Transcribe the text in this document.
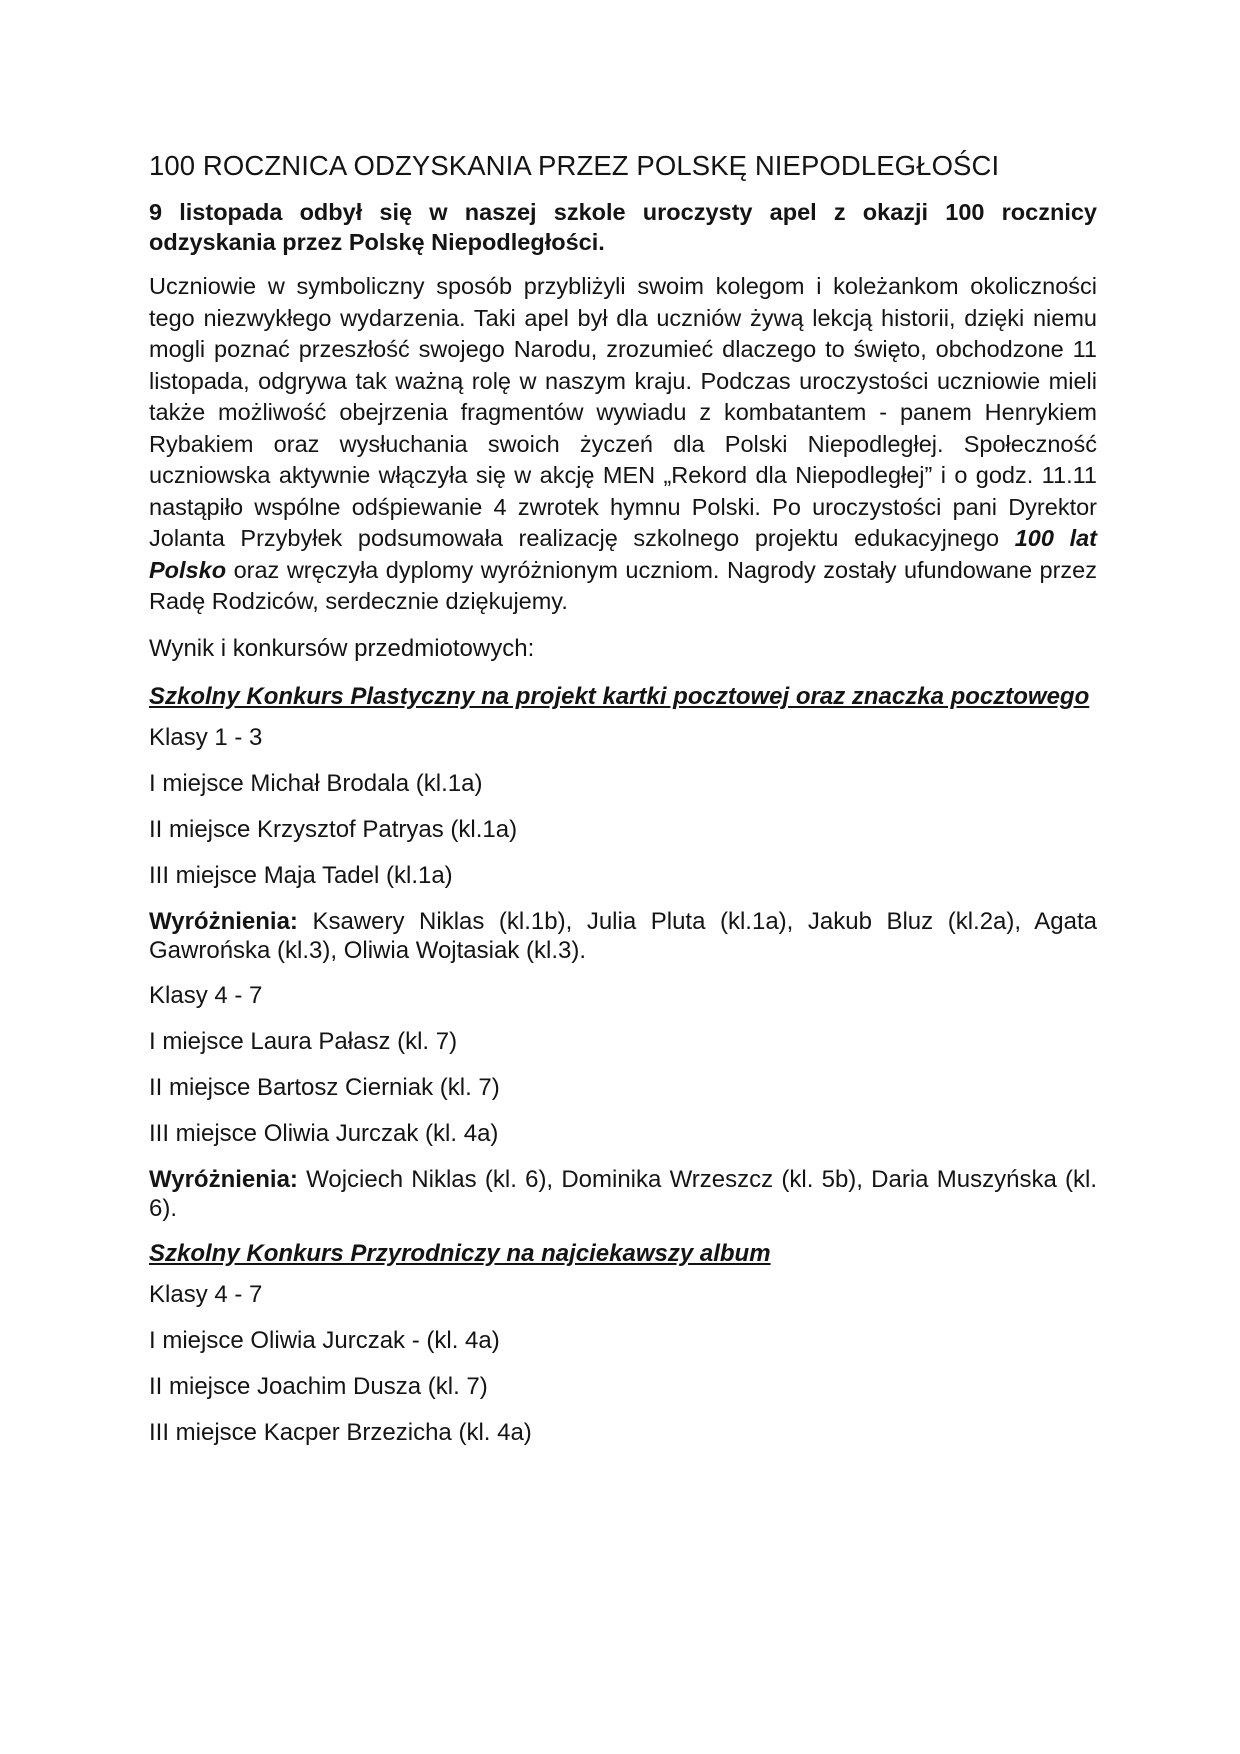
100 ROCZNICA ODZYSKANIA PRZEZ POLSKĘ NIEPODLEGŁOŚCI
9 listopada odbył się w naszej szkole uroczysty apel z okazji 100 rocznicy odzyskania przez Polskę Niepodległości.
Uczniowie w symboliczny sposób przybliżyli swoim kolegom i koleżankom okoliczności tego niezwykłego wydarzenia. Taki apel był dla uczniów żywą lekcją historii, dzięki niemu mogli poznać przeszłość swojego Narodu, zrozumieć dlaczego to święto, obchodzone 11 listopada, odgrywa tak ważną rolę w naszym kraju. Podczas uroczystości uczniowie mieli także możliwość obejrzenia fragmentów wywiadu z kombatantem - panem Henrykiem Rybakiem oraz wysłuchania swoich życzeń dla Polski Niepodległej. Społeczność uczniowska aktywnie włączyła się w akcję MEN „Rekord dla Niepodległej” i o godz. 11.11 nastąpiło wspólne odśpiewanie 4 zwrotek hymnu Polski. Po uroczystości pani Dyrektor Jolanta Przybyłek podsumowała realizację szkolnego projektu edukacyjnego 100 lat Polsko oraz wręczyła dyplomy wyróżnionym uczniom. Nagrody zostały ufundowane przez Radę Rodziców, serdecznie dziękujemy.
Wynik i konkursów przedmiotowych:
Szkolny Konkurs Plastyczny na projekt kartki pocztowej oraz znaczka pocztowego
Klasy 1 - 3
I miejsce Michał Brodala (kl.1a)
II miejsce Krzysztof Patryas (kl.1a)
III miejsce Maja Tadel (kl.1a)
Wyróżnienia: Ksawery Niklas (kl.1b), Julia Pluta (kl.1a), Jakub Bluz (kl.2a), Agata Gawrońska (kl.3), Oliwia Wojtasiak (kl.3).
Klasy 4 - 7
I miejsce Laura Pałasz (kl. 7)
II miejsce Bartosz Cierniak (kl. 7)
III miejsce Oliwia Jurczak (kl. 4a)
Wyróżnienia: Wojciech Niklas (kl. 6), Dominika Wrzeszcz (kl. 5b), Daria Muszyńska (kl. 6).
Szkolny Konkurs Przyrodniczy na najciekawszy album
Klasy 4 - 7
I miejsce Oliwia Jurczak - (kl. 4a)
II miejsce Joachim Dusza (kl. 7)
III miejsce Kacper Brzezicha (kl. 4a)
